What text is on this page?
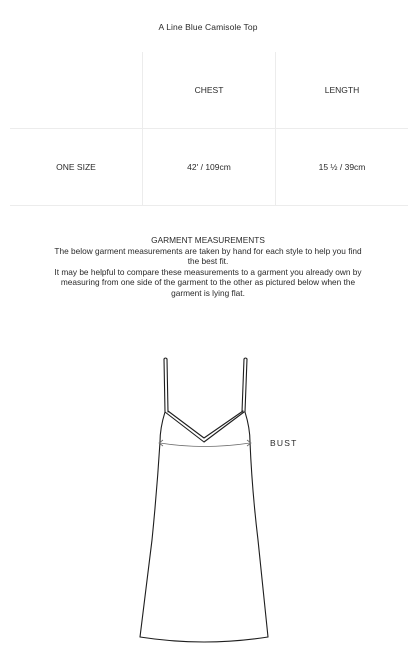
A Line Blue Camisole Top
	CHEST	LENGTH
ONE SIZE	42' / 109cm	15 ½ / 39cm

GARMENT MEASUREMENTS

The below garment measurements are taken by hand for each style to help you find the best fit.

It may be helpful to compare these measurements to a garment you already own by measuring from one side of the garment to the other as pictured below when the garment is lying flat.

BUST
